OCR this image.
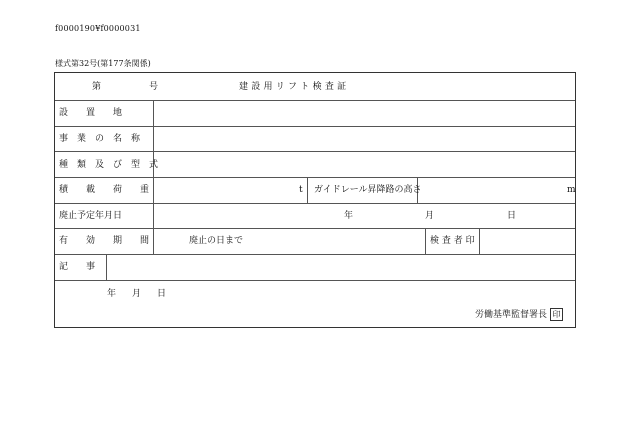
f0000190¥f0000031
様式第32号(第177条関係)
第	号	建 設 用 リ フ ト 検 査 証
設　　置　　地
事　業　の　名　称
種　類　及　び　型　式
積　　載　　荷　　重	t ガイドレール昇降路の高さ	m
廃止予定年月日	年	月	日
有　　効　　期　　間	廃止の日まで	検 査 者 印
記　　事
年 月 日
労働基準監督署長 印
